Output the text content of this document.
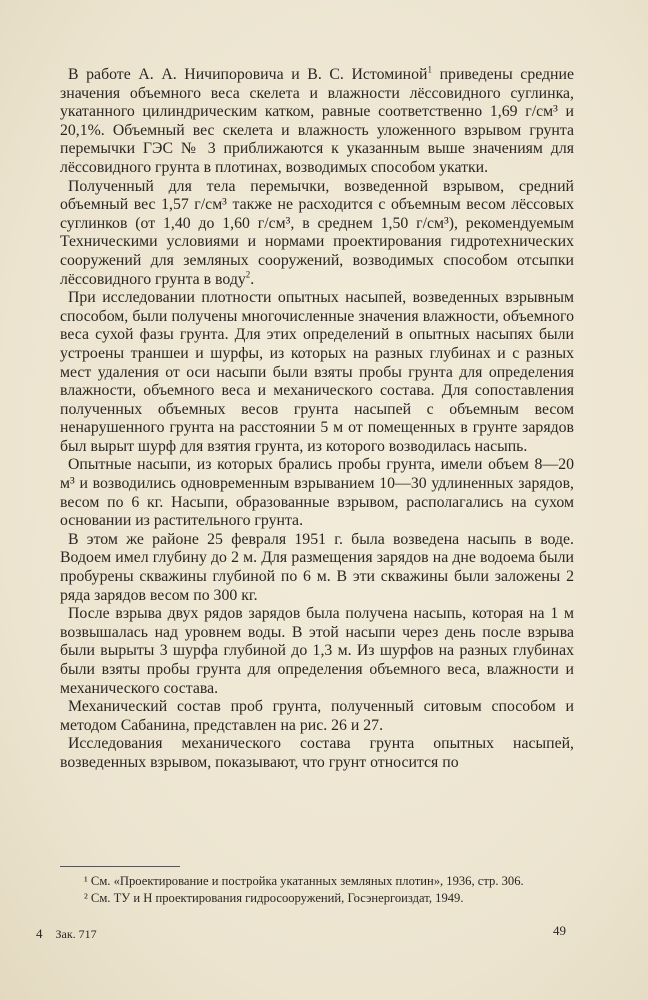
В работе А. А. Ничипоровича и В. С. Истоминой$^1$ приведены средние значения объемного веса скелета и влажности лёссовидного суглинка, укатанного цилиндрическим катком, равные соответственно 1,69 г/см³ и 20,1%. Объемный вес скелета и влажность уложенного взрывом грунта перемычки ГЭС № 3 приближаются к указанным выше значениям для лёссовидного грунта в плотинах, возводимых способом укатки.

Полученный для тела перемычки, возведенной взрывом, средний объемный вес 1,57 г/см³ также не расходится с объемным весом лёссовых суглинков (от 1,40 до 1,60 г/см³, в среднем 1,50 г/см³), рекомендуемым Техническими условиями и нормами проектирования гидротехнических сооружений для земляных сооружений, возводимых способом отсыпки лёссовидного грунта в воду$^2$.

При исследовании плотности опытных насыпей, возведенных взрывным способом, были получены многочисленные значения влажности, объемного веса сухой фазы грунта. Для этих определений в опытных насыпях были устроены траншеи и шурфы, из которых на разных глубинах и с разных мест удаления от оси насыпи были взяты пробы грунта для определения влажности, объемного веса и механического состава. Для сопоставления полученных объемных весов грунта насыпей с объемным весом ненарушенного грунта на расстоянии 5 м от помещенных в грунте зарядов был вырыт шурф для взятия грунта, из которого возводилась насыпь.

Опытные насыпи, из которых брались пробы грунта, имели объем 8—20 м³ и возводились одновременным взрыванием 10—30 удлиненных зарядов, весом по 6 кг. Насыпи, образованные взрывом, располагались на сухом основании из растительного грунта.

В этом же районе 25 февраля 1951 г. была возведена насыпь в воде. Водоем имел глубину до 2 м. Для размещения зарядов на дне водоема были пробурены скважины глубиной по 6 м. В эти скважины были заложены 2 ряда зарядов весом по 300 кг.

После взрыва двух рядов зарядов была получена насыпь, которая на 1 м возвышалась над уровнем воды. В этой насыпи через день после взрыва были вырыты 3 шурфа глубиной до 1,3 м. Из шурфов на разных глубинах были взяты пробы грунта для определения объемного веса, влажности и механического состава.

Механический состав проб грунта, полученный ситовым способом и методом Сабанина, представлен на рис. 26 и 27.

Исследования механического состава грунта опытных насыпей, возведенных взрывом, показывают, что грунт относится по

¹ См. «Проектирование и постройка укатанных земляных плотин», 1936, стр. 306.

² См. ТУ и Н проектирования гидросооружений, Госэнергоиздат, 1949.

4 Зак. 717	49
